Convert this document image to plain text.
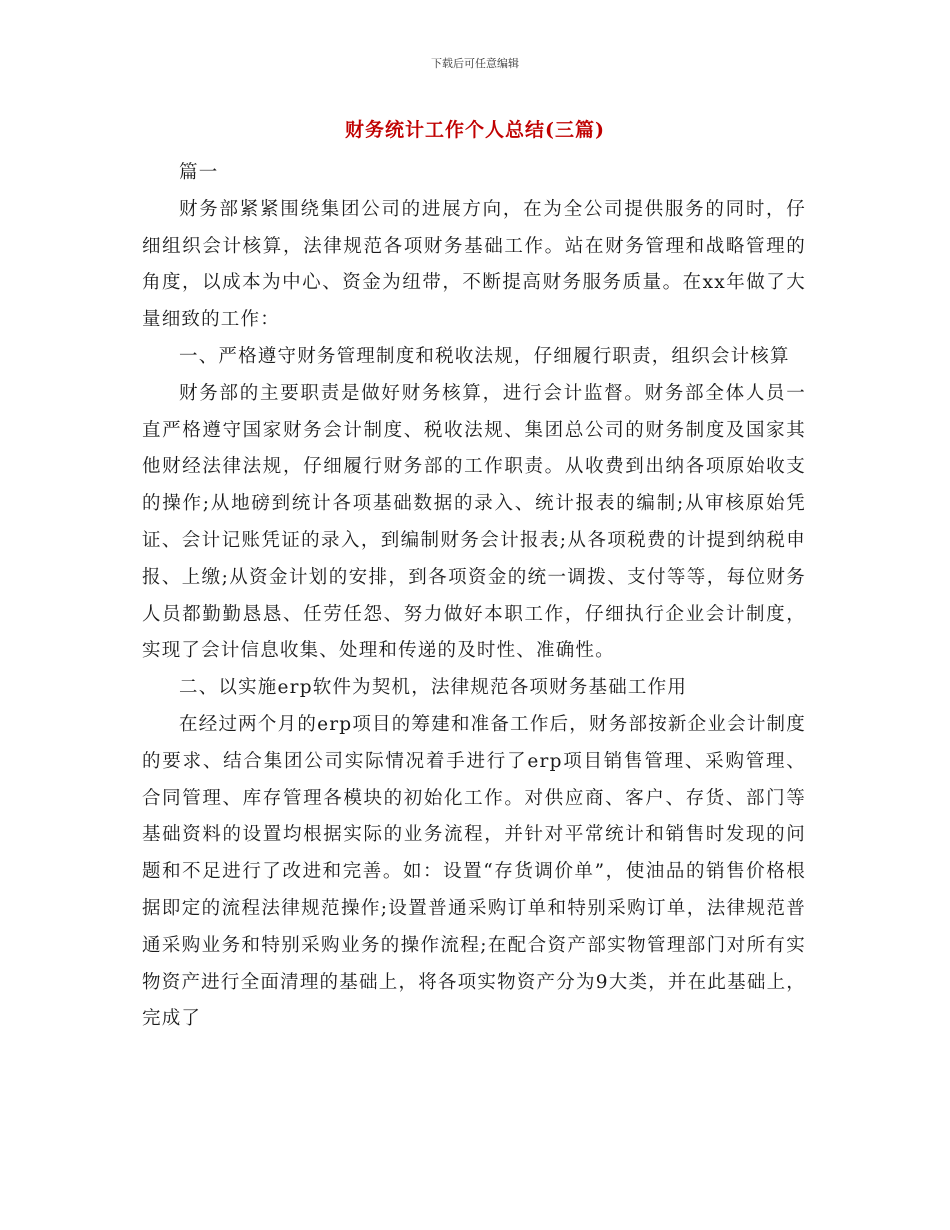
下载后可任意编辑
财务统计工作个人总结(三篇)

篇一

财务部紧紧围绕集团公司的进展方向，在为全公司提供服务的同时，仔细组织会计核算，法律规范各项财务基础工作。站在财务管理和战略管理的角度，以成本为中心、资金为纽带，不断提高财务服务质量。在xx年做了大量细致的工作：

一、严格遵守财务管理制度和税收法规，仔细履行职责，组织会计核算

财务部的主要职责是做好财务核算，进行会计监督。财务部全体人员一直严格遵守国家财务会计制度、税收法规、集团总公司的财务制度及国家其他财经法律法规，仔细履行财务部的工作职责。从收费到出纳各项原始收支的操作;从地磅到统计各项基础数据的录入、统计报表的编制;从审核原始凭证、会计记账凭证的录入，到编制财务会计报表;从各项税费的计提到纳税申报、上缴;从资金计划的安排，到各项资金的统一调拨、支付等等，每位财务人员都勤勤恳恳、任劳任怨、努力做好本职工作，仔细执行企业会计制度，实现了会计信息收集、处理和传递的及时性、准确性。

二、以实施erp软件为契机，法律规范各项财务基础工作用

在经过两个月的erp项目的筹建和准备工作后，财务部按新企业会计制度的要求、结合集团公司实际情况着手进行了erp项目销售管理、采购管理、合同管理、库存管理各模块的初始化工作。对供应商、客户、存货、部门等基础资料的设置均根据实际的业务流程，并针对平常统计和销售时发现的问题和不足进行了改进和完善。如：设置“存货调价单”，使油品的销售价格根据即定的流程法律规范操作;设置普通采购订单和特别采购订单，法律规范普通采购业务和特别采购业务的操作流程;在配合资产部实物管理部门对所有实物资产进行全面清理的基础上，将各项实物资产分为9大类，并在此基础上，完成了
